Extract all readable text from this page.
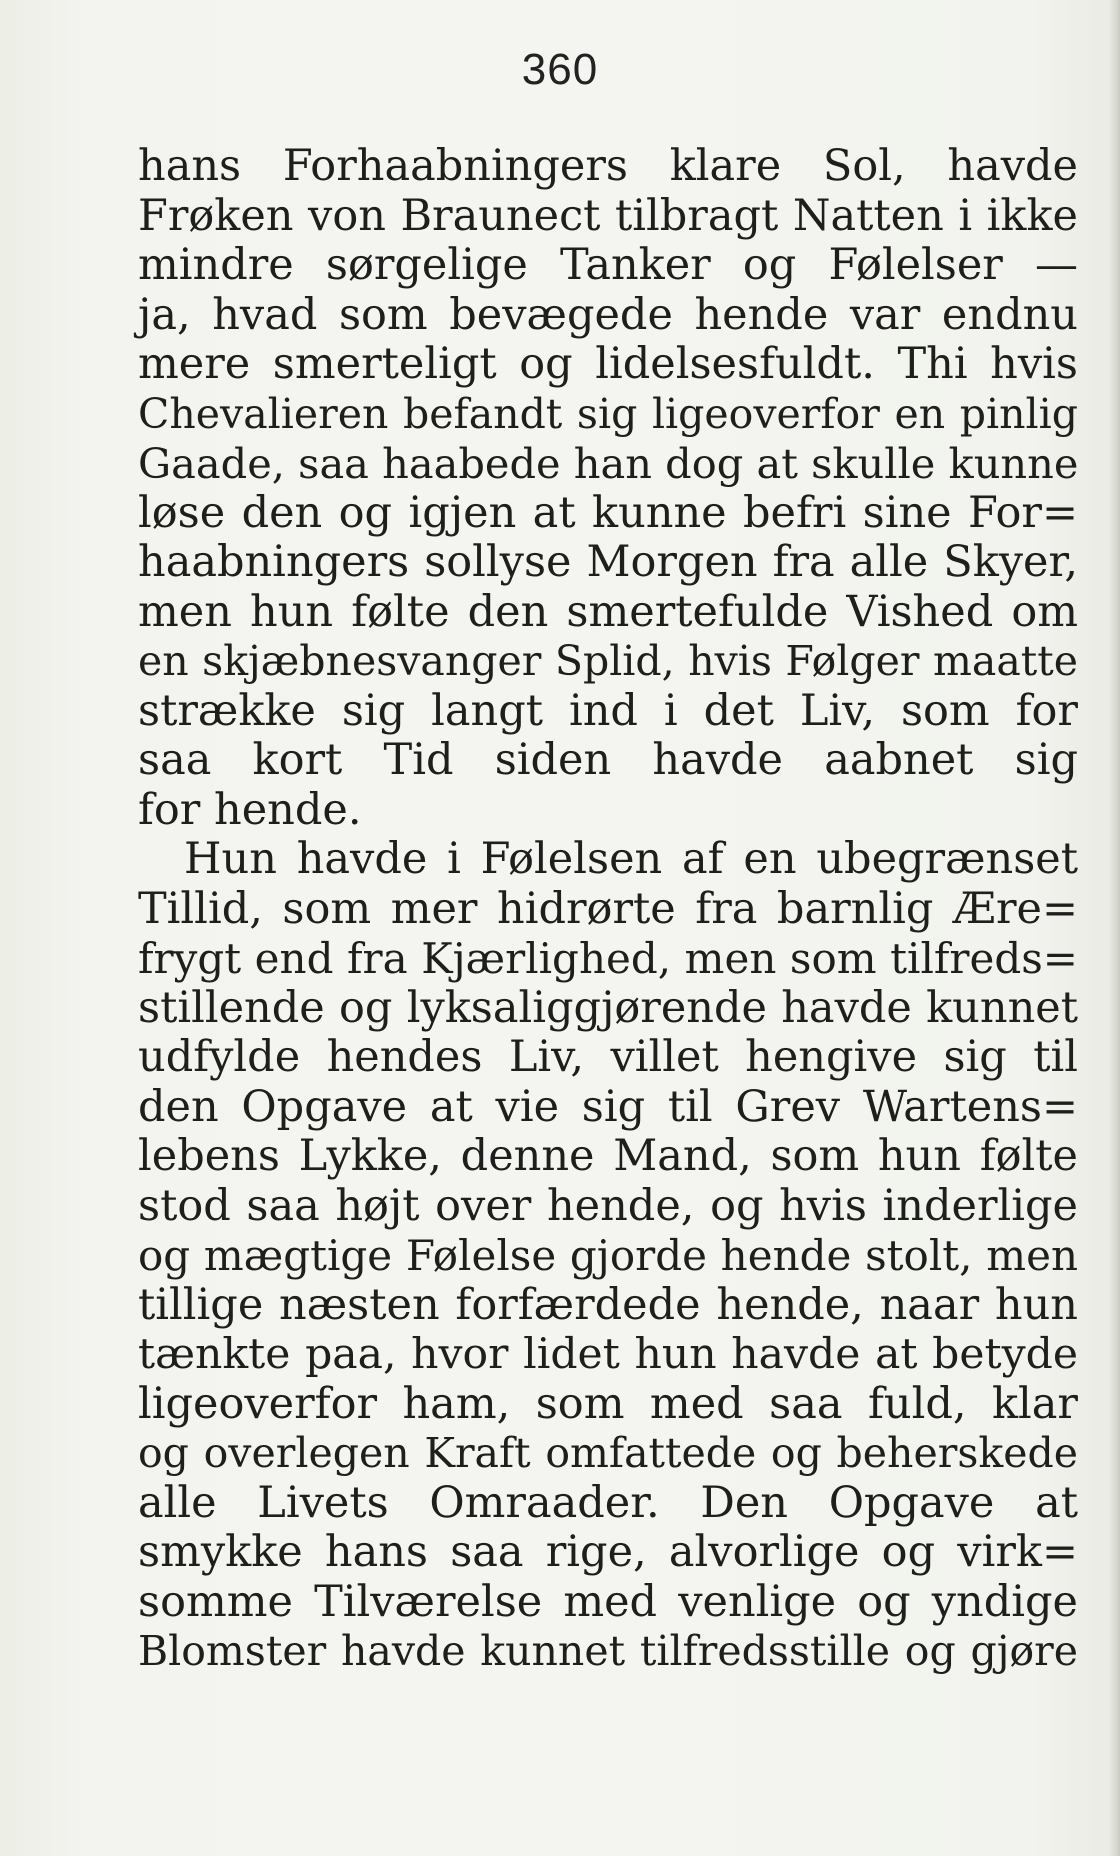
360
hans Forhaabningers klare Sol, havde
Frøken von Braunect tilbragt Natten i ikke
mindre sørgelige Tanker og Følelser —
ja, hvad som bevægede hende var endnu
mere smerteligt og lidelsesfuldt. Thi hvis
Chevalieren befandt sig ligeoverfor en pinlig
Gaade, saa haabede han dog at skulle kunne
løse den og igjen at kunne befri sine For=
haabningers sollyse Morgen fra alle Skyer,
men hun følte den smertefulde Vished om
en skjæbnesvanger Splid, hvis Følger maatte
strække sig langt ind i det Liv, som for
saa kort Tid siden havde aabnet sig
for hende.
Hun havde i Følelsen af en ubegrænset
Tillid, som mer hidrørte fra barnlig Ære=
frygt end fra Kjærlighed, men som tilfreds=
stillende og lyksaliggjørende havde kunnet
udfylde hendes Liv, villet hengive sig til
den Opgave at vie sig til Grev Wartens=
lebens Lykke, denne Mand, som hun følte
stod saa højt over hende, og hvis inderlige
og mægtige Følelse gjorde hende stolt, men
tillige næsten forfærdede hende, naar hun
tænkte paa, hvor lidet hun havde at betyde
ligeoverfor ham, som med saa fuld, klar
og overlegen Kraft omfattede og beherskede
alle Livets Omraader. Den Opgave at
smykke hans saa rige, alvorlige og virk=
somme Tilværelse med venlige og yndige
Blomster havde kunnet tilfredsstille og gjøre
